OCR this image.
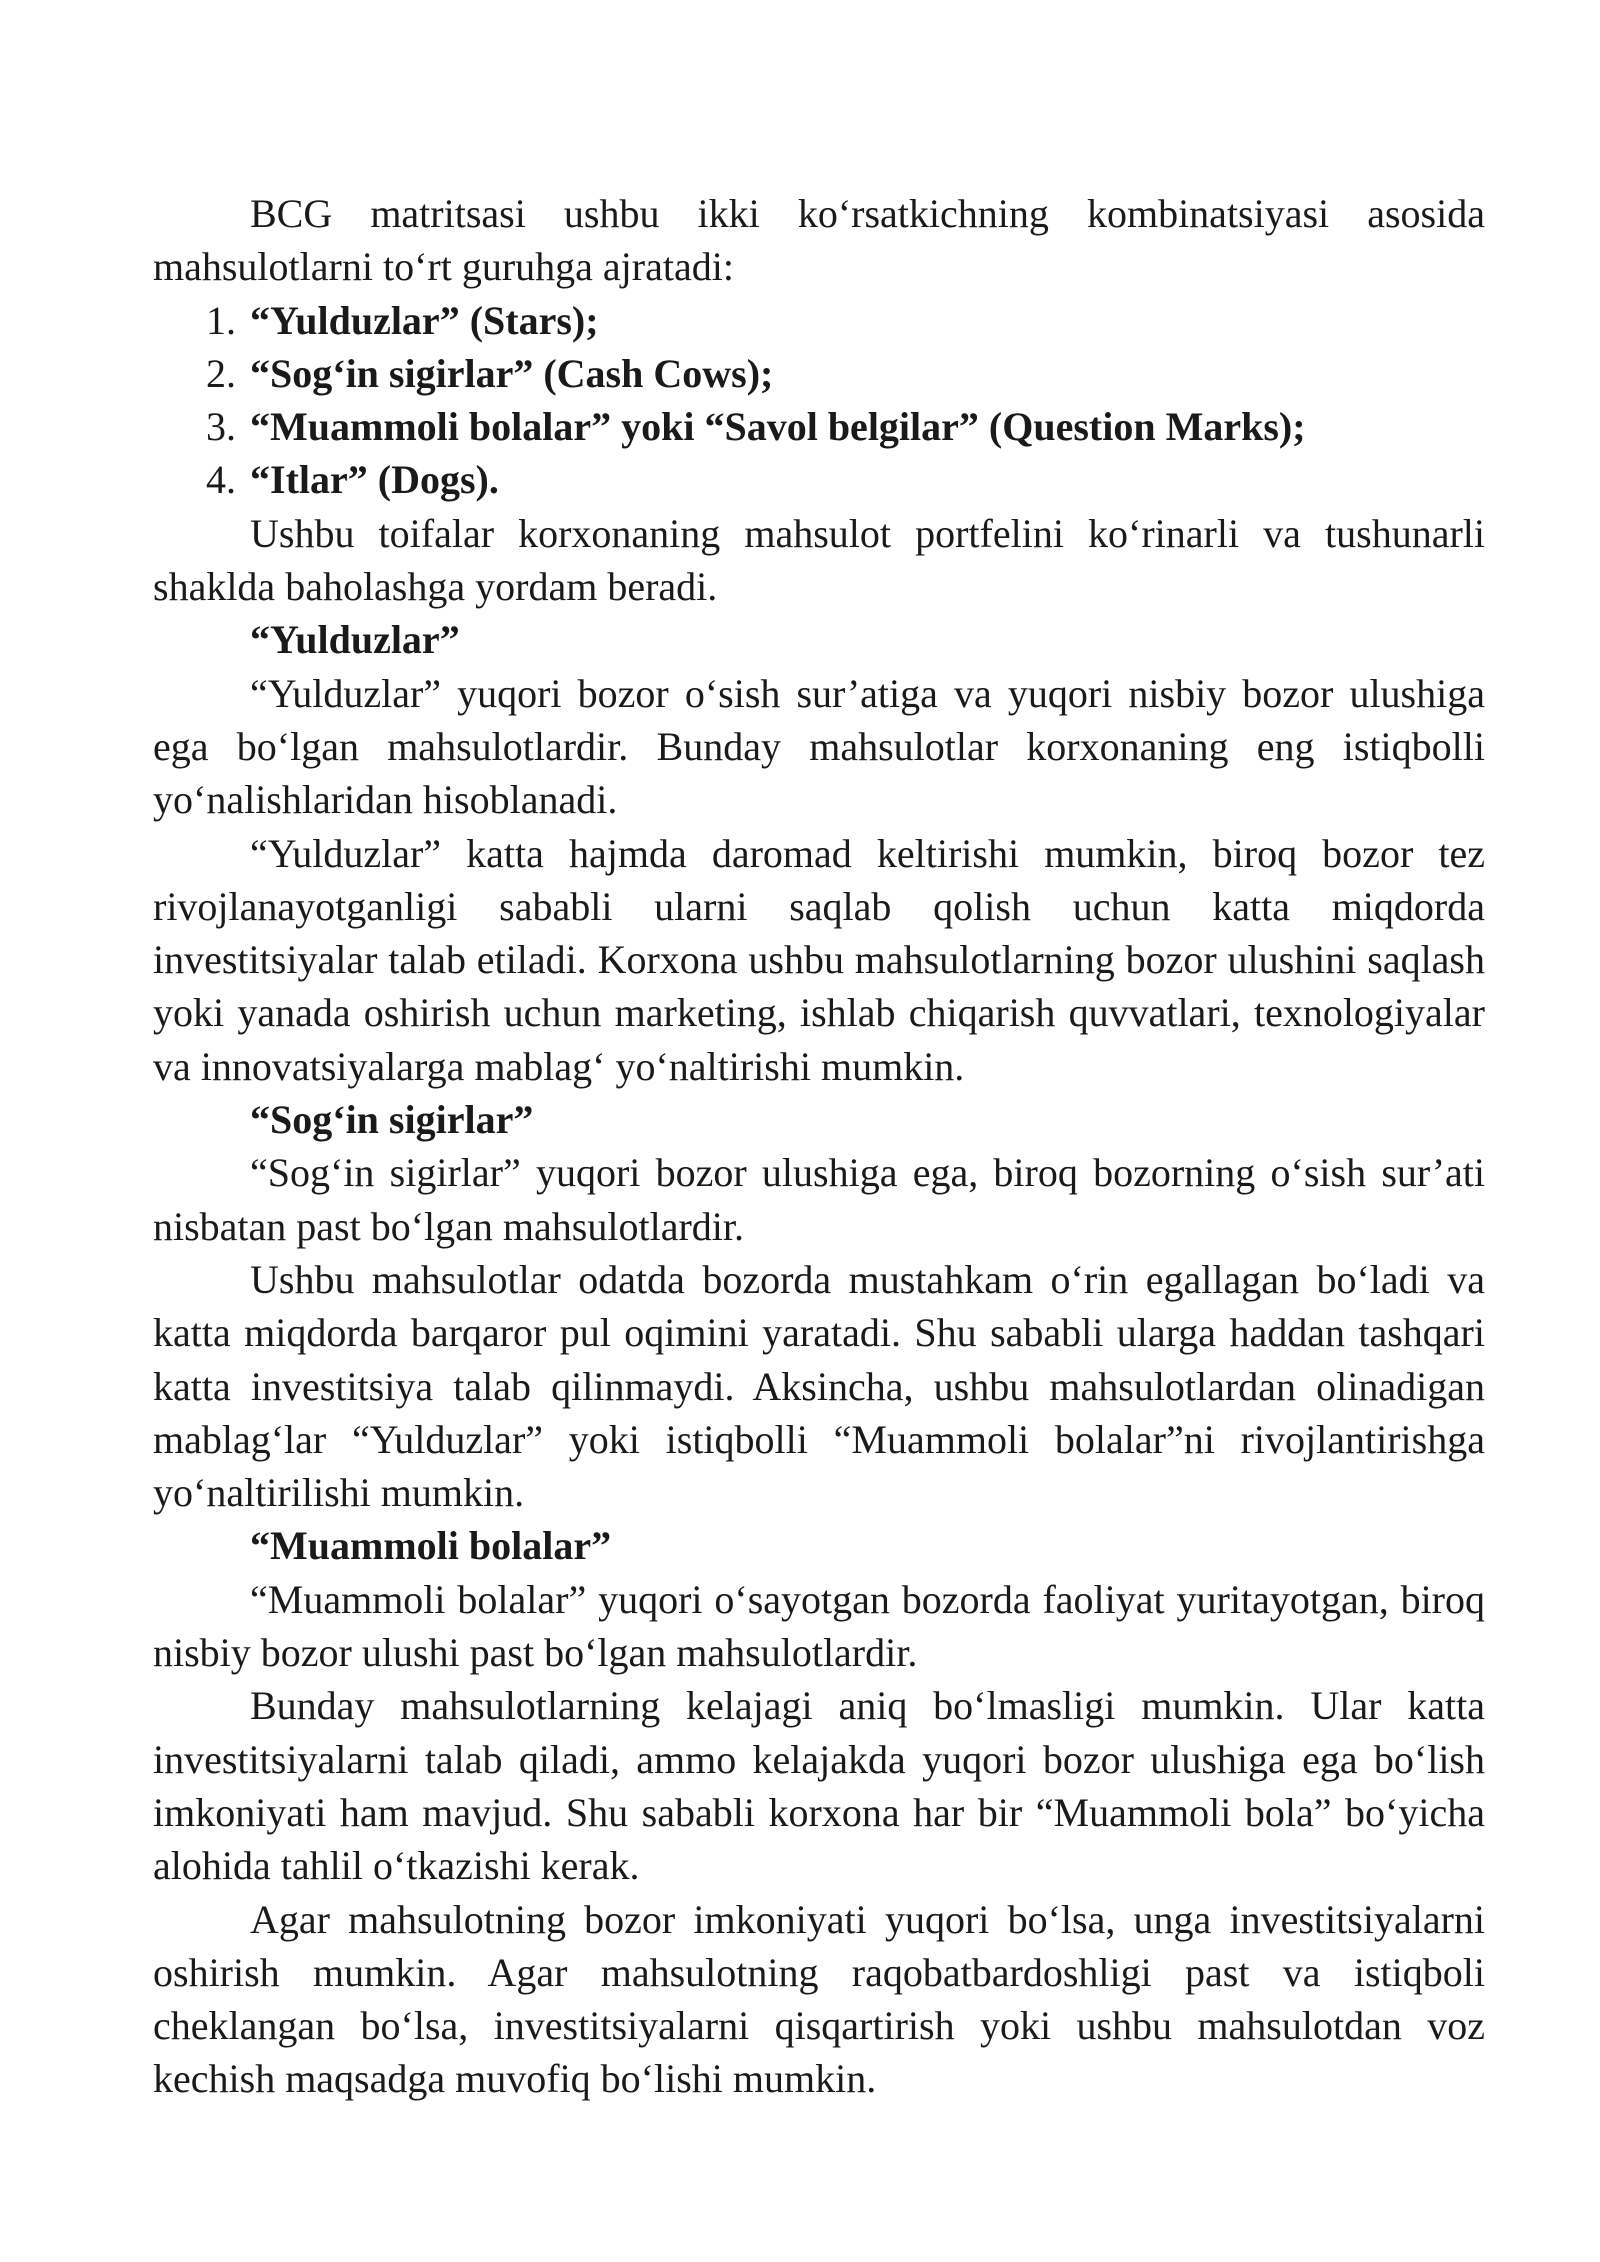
BCG matritsasi ushbu ikki ko‘rsatkichning kombinatsiyasi asosida mahsulotlarni to‘rt guruhga ajratadi:

1. “Yulduzlar” (Stars);
2. “Sog‘in sigirlar” (Cash Cows);
3. “Muammoli bolalar” yoki “Savol belgilar” (Question Marks);
4. “Itlar” (Dogs).

Ushbu toifalar korxonaning mahsulot portfelini ko‘rinarli va tushunarli shaklda baholashga yordam beradi.

“Yulduzlar”

“Yulduzlar” yuqori bozor o‘sish sur’atiga va yuqori nisbiy bozor ulushiga ega bo‘lgan mahsulotlardir. Bunday mahsulotlar korxonaning eng istiqbolli yo‘nalishlaridan hisoblanadi.

“Yulduzlar” katta hajmda daromad keltirishi mumkin, biroq bozor tez rivojlanayotganligi sababli ularni saqlab qolish uchun katta miqdorda investitsiyalar talab etiladi. Korxona ushbu mahsulotlarning bozor ulushini saqlash yoki yanada oshirish uchun marketing, ishlab chiqarish quvvatlari, texnologiyalar va innovatsiyalarga mablag‘ yo‘naltirishi mumkin.

“Sog‘in sigirlar”

“Sog‘in sigirlar” yuqori bozor ulushiga ega, biroq bozorning o‘sish sur’ati nisbatan past bo‘lgan mahsulotlardir.

Ushbu mahsulotlar odatda bozorda mustahkam o‘rin egallagan bo‘ladi va katta miqdorda barqaror pul oqimini yaratadi. Shu sababli ularga haddan tashqari katta investitsiya talab qilinmaydi. Aksincha, ushbu mahsulotlardan olinadigan mablag‘lar “Yulduzlar” yoki istiqbolli “Muammoli bolalar”ni rivojlantirishga yo‘naltirilishi mumkin.

“Muammoli bolalar”

“Muammoli bolalar” yuqori o‘sayotgan bozorda faoliyat yuritayotgan, biroq nisbiy bozor ulushi past bo‘lgan mahsulotlardir.

Bunday mahsulotlarning kelajagi aniq bo‘lmasligi mumkin. Ular katta investitsiyalarni talab qiladi, ammo kelajakda yuqori bozor ulushiga ega bo‘lish imkoniyati ham mavjud. Shu sababli korxona har bir “Muammoli bola” bo‘yicha alohida tahlil o‘tkazishi kerak.

Agar mahsulotning bozor imkoniyati yuqori bo‘lsa, unga investitsiyalarni oshirish mumkin. Agar mahsulotning raqobatbardoshligi past va istiqboli cheklangan bo‘lsa, investitsiyalarni qisqartirish yoki ushbu mahsulotdan voz kechish maqsadga muvofiq bo‘lishi mumkin.
